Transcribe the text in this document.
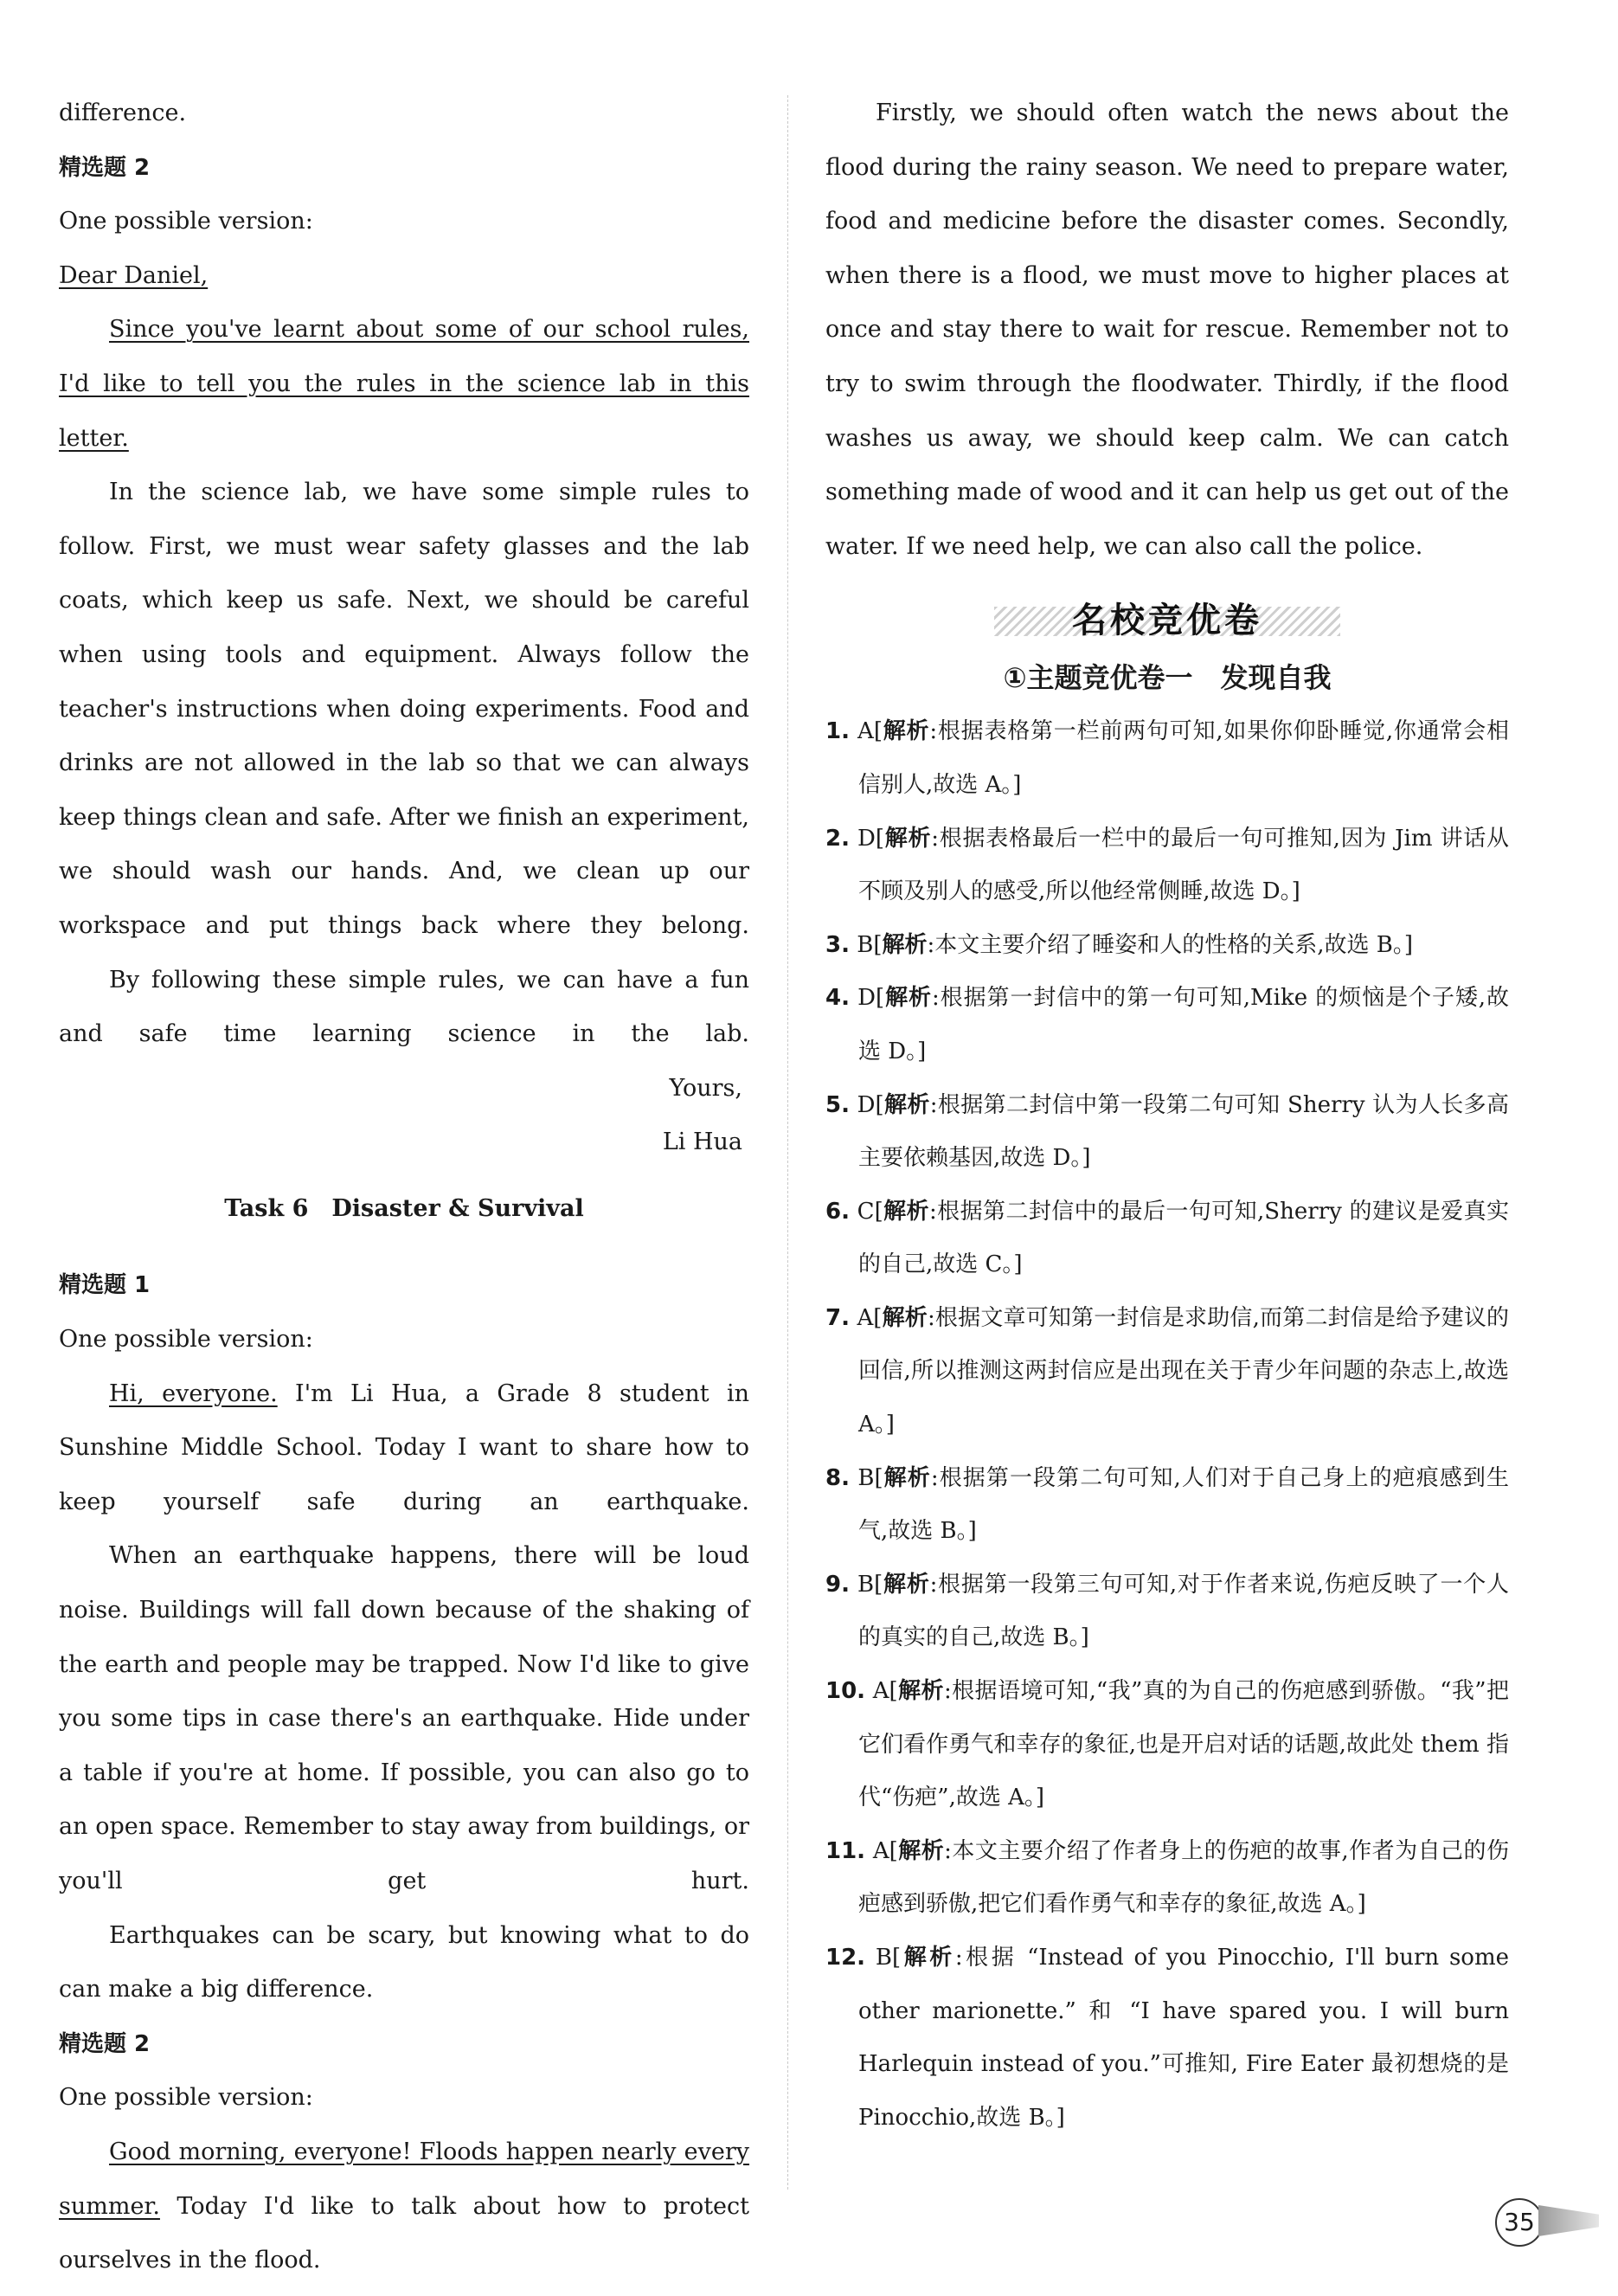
difference.

精选题 2

One possible version:

Dear Daniel,

Since you've learnt about some of our school rules, I'd like to tell you the rules in the science lab in this letter.

In the science lab, we have some simple rules to follow. First, we must wear safety glasses and the lab coats, which keep us safe. Next, we should be careful when using tools and equipment. Always follow the teacher's instructions when doing experiments. Food and drinks are not allowed in the lab so that we can always keep things clean and safe. After we finish an experiment, we should wash our hands. And, we clean up our workspace and put things back where they belong.

By following these simple rules, we can have a fun and safe time learning science in the lab.

Yours,

Li Hua

Task 6　Disaster & Survival

精选题 1

One possible version:

Hi, everyone. I'm Li Hua, a Grade 8 student in Sunshine Middle School. Today I want to share how to keep yourself safe during an earthquake.

When an earthquake happens, there will be loud noise. Buildings will fall down because of the shaking of the earth and people may be trapped. Now I'd like to give you some tips in case there's an earthquake. Hide under a table if you're at home. If possible, you can also go to an open space. Remember to stay away from buildings, or you'll get hurt.

Earthquakes can be scary, but knowing what to do can make a big difference.

精选题 2

One possible version:

Good morning, everyone! Floods happen nearly every summer. Today I'd like to talk about how to protect ourselves in the flood.

Firstly, we should often watch the news about the flood during the rainy season. We need to prepare water, food and medicine before the disaster comes. Secondly, when there is a flood, we must move to higher places at once and stay there to wait for rescue. Remember not to try to swim through the floodwater. Thirdly, if the flood washes us away, we should keep calm. We can catch something made of wood and it can help us get out of the water. If we need help, we can also call the police.

名校竞优卷

①主题竞优卷一　发现自我

1. A[解析:根据表格第一栏前两句可知,如果你仰卧睡觉,你通常会相信别人,故选 A。]

2. D[解析:根据表格最后一栏中的最后一句可推知,因为 Jim 讲话从不顾及别人的感受,所以他经常侧睡,故选 D。]

3. B[解析:本文主要介绍了睡姿和人的性格的关系,故选 B。]

4. D[解析:根据第一封信中的第一句可知,Mike 的烦恼是个子矮,故选 D。]

5. D[解析:根据第二封信中第一段第二句可知 Sherry 认为人长多高主要依赖基因,故选 D。]

6. C[解析:根据第二封信中的最后一句可知,Sherry 的建议是爱真实的自己,故选 C。]

7. A[解析:根据文章可知第一封信是求助信,而第二封信是给予建议的回信,所以推测这两封信应是出现在关于青少年问题的杂志上,故选 A。]

8. B[解析:根据第一段第二句可知,人们对于自己身上的疤痕感到生气,故选 B。]

9. B[解析:根据第一段第三句可知,对于作者来说,伤疤反映了一个人的真实的自己,故选 B。]

10. A[解析:根据语境可知,“我”真的为自己的伤疤感到骄傲。“我”把它们看作勇气和幸存的象征,也是开启对话的话题,故此处 them 指代“伤疤”,故选 A。]

11. A[解析:本文主要介绍了作者身上的伤疤的故事,作者为自己的伤疤感到骄傲,把它们看作勇气和幸存的象征,故选 A。]

12. B[解析:根据 “Instead of you Pinocchio, I'll burn some other marionette.” 和 “I have spared you. I will burn Harlequin instead of you.”可推知, Fire Eater 最初想烧的是 Pinocchio,故选 B。]

35
